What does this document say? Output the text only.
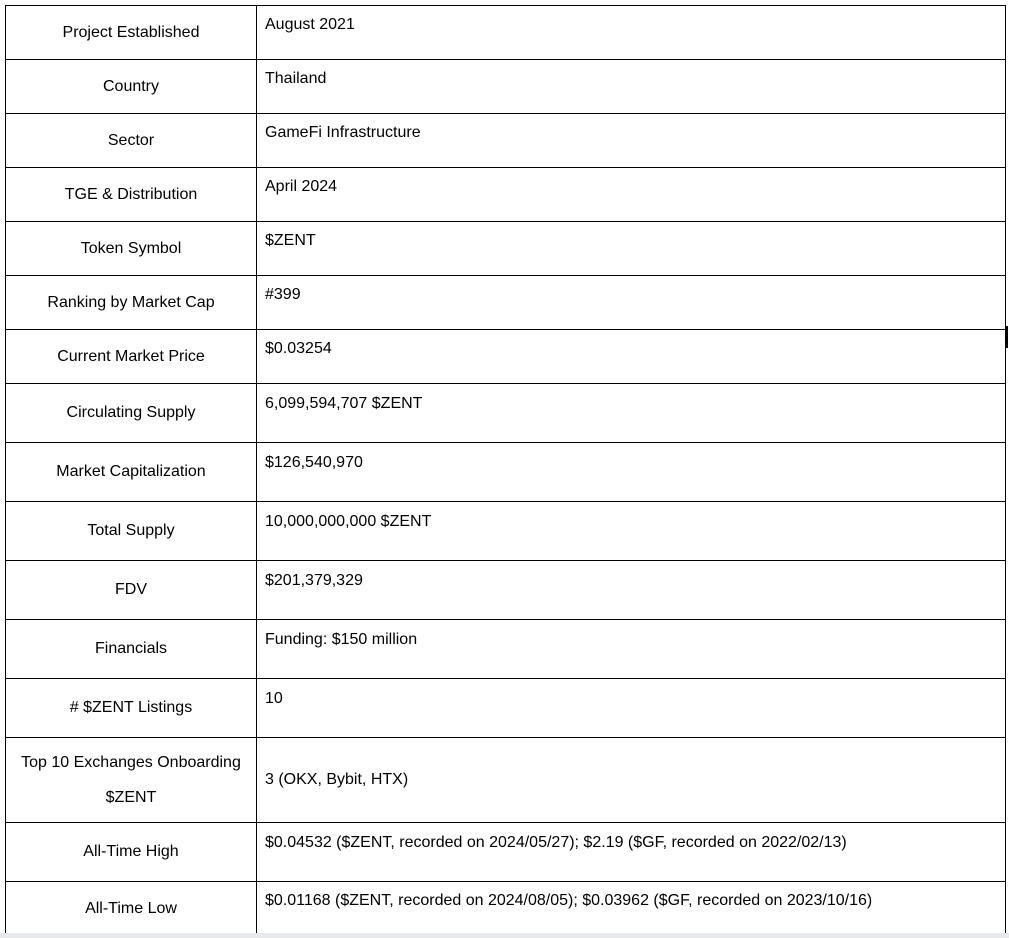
Project Established	August 2021
Country	Thailand
Sector	GameFi Infrastructure
TGE & Distribution	April 2024
Token Symbol	$ZENT
Ranking by Market Cap	#399
Current Market Price	$0.03254
Circulating Supply	6,099,594,707 $ZENT
Market Capitalization	$126,540,970
Total Supply	10,000,000,000 $ZENT
FDV	$201,379,329
Financials	Funding: $150 million
# $ZENT Listings	10
Top 10 Exchanges Onboarding $ZENT	3 (OKX, Bybit, HTX)
All-Time High	$0.04532 ($ZENT, recorded on 2024/05/27); $2.19 ($GF, recorded on 2022/02/13)
All-Time Low	$0.01168 ($ZENT, recorded on 2024/08/05); $0.03962 ($GF, recorded on 2023/10/16)
